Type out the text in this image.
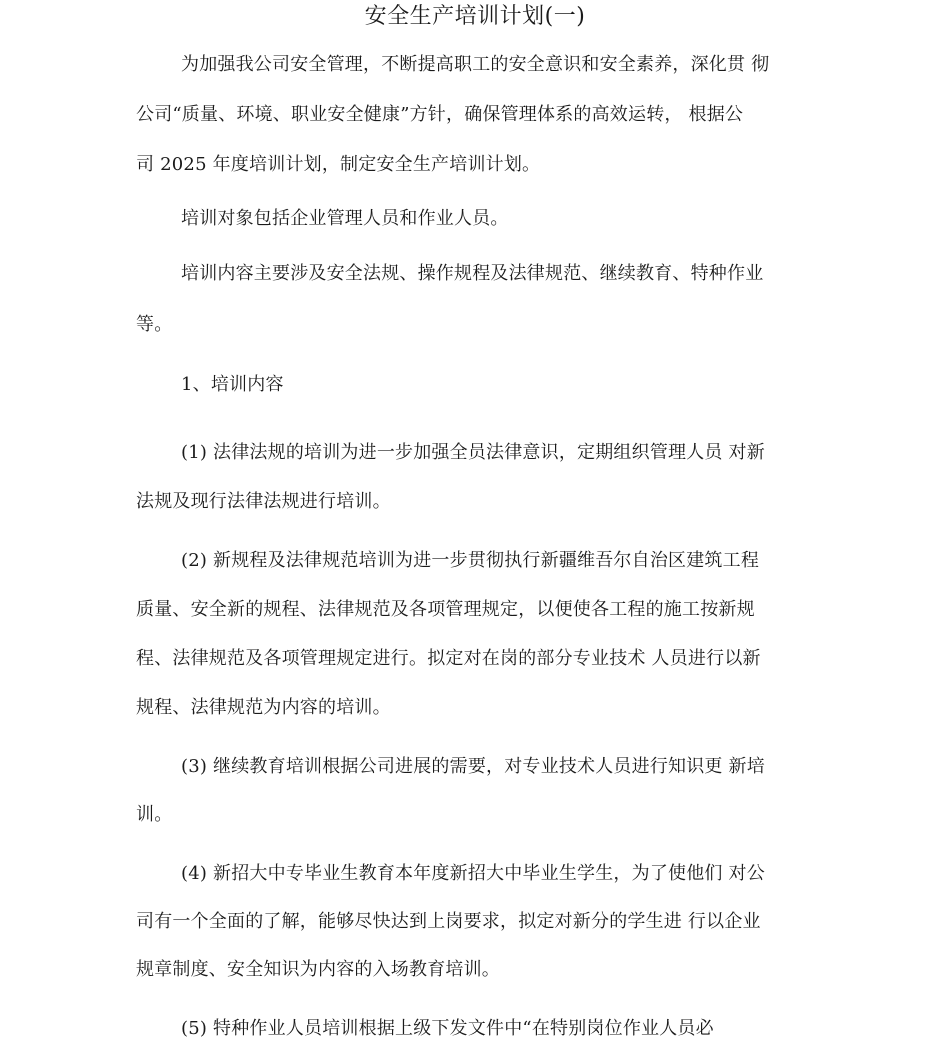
安全生产培训计划(一)
为加强我公司安全管理，不断提高职工的安全意识和安全素养，深化贯 彻
公司“质量、环境、职业安全健康”方针，确保管理体系的高效运转， 根据公
司 2025 年度培训计划，制定安全生产培训计划。
培训对象包括企业管理人员和作业人员。
培训内容主要涉及安全法规、操作规程及法律规范、继续教育、特种作业
等。
1、培训内容
(1) 法律法规的培训为进一步加强全员法律意识，定期组织管理人员 对新
法规及现行法律法规进行培训。
(2) 新规程及法律规范培训为进一步贯彻执行新疆维吾尔自治区建筑工程
质量、安全新的规程、法律规范及各项管理规定，以便使各工程的施工按新规
程、法律规范及各项管理规定进行。拟定对在岗的部分专业技术 人员进行以新
规程、法律规范为内容的培训。
(3) 继续教育培训根据公司进展的需要，对专业技术人员进行知识更 新培
训。
(4) 新招大中专毕业生教育本年度新招大中毕业生学生，为了使他们 对公
司有一个全面的了解，能够尽快达到上岗要求，拟定对新分的学生进 行以企业
规章制度、安全知识为内容的入场教育培训。
(5) 特种作业人员培训根据上级下发文件中“在特别岗位作业人员必
